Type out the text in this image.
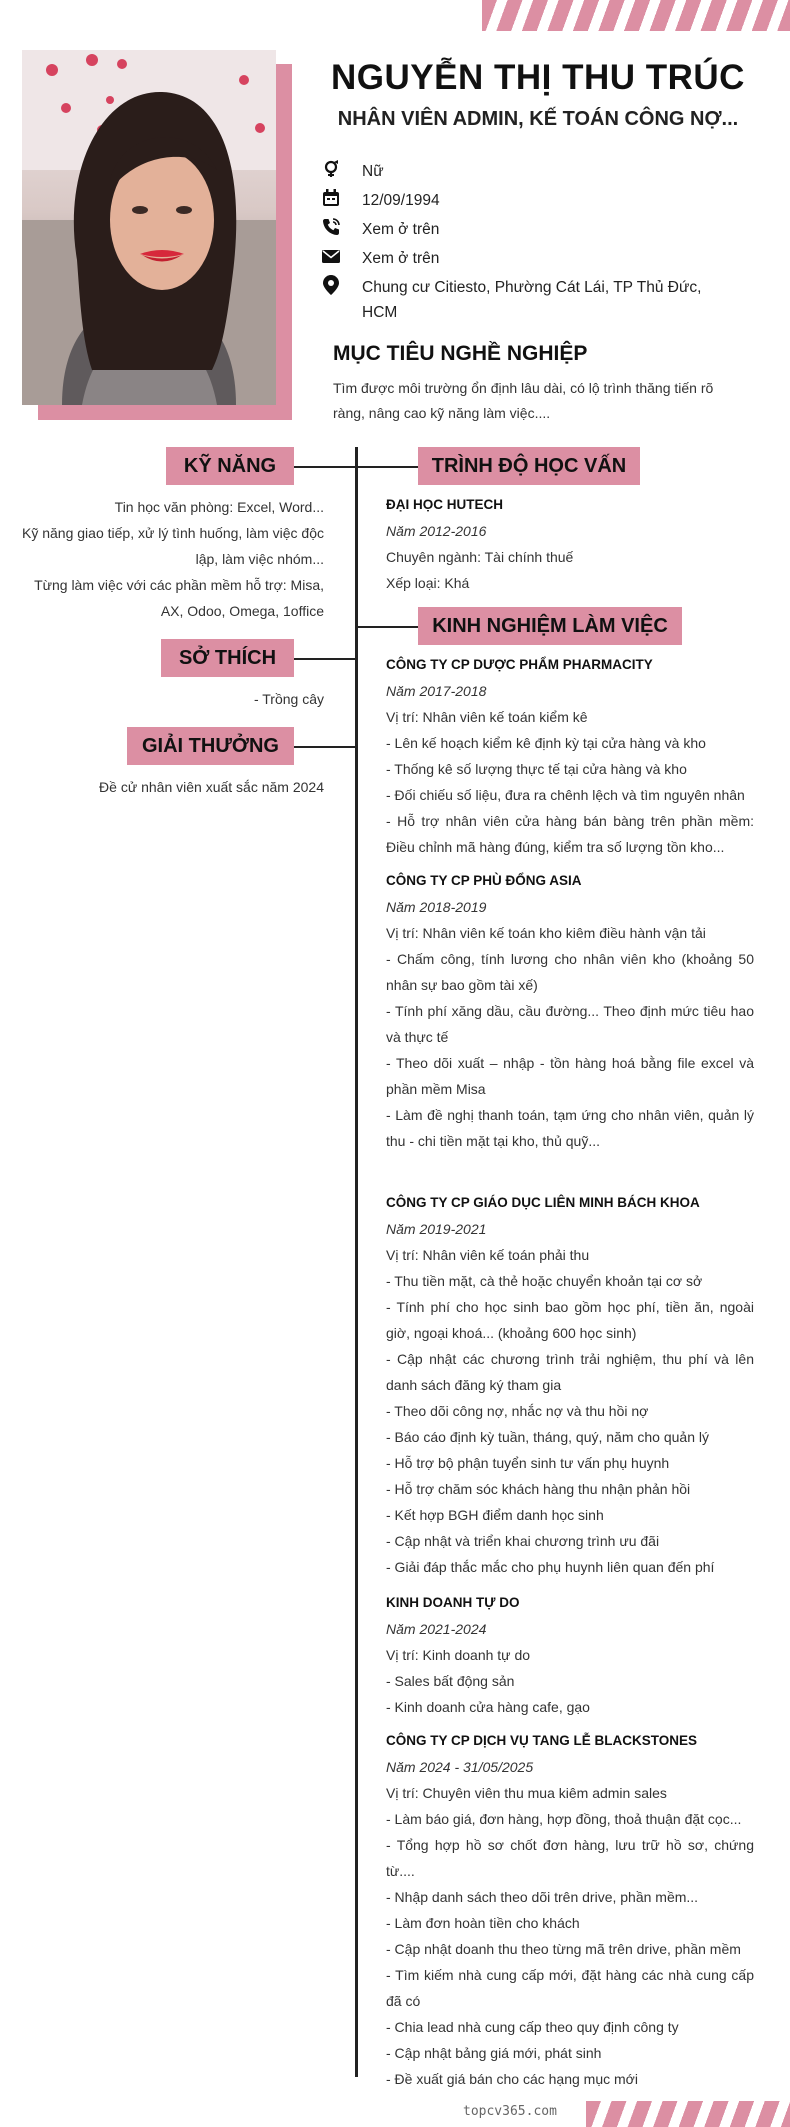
NGUYỄN THỊ THU TRÚC
NHÂN VIÊN ADMIN, KẾ TOÁN CÔNG NỢ...
Nữ
12/09/1994
Xem ở trên
Xem ở trên
Chung cư Citiesto, Phường Cát Lái, TP Thủ Đức, HCM
MỤC TIÊU NGHỀ NGHIỆP
Tìm được môi trường ổn định lâu dài, có lộ trình thăng tiến rõ ràng, nâng cao kỹ năng làm việc....
KỸ NĂNG
Tin học văn phòng: Excel, Word...
Kỹ năng giao tiếp, xử lý tình huống, làm việc độc lập, làm việc nhóm...
Từng làm việc với các phần mềm hỗ trợ: Misa, AX, Odoo, Omega, 1office
SỞ THÍCH
- Trồng cây
GIẢI THƯỞNG
Đề cử nhân viên xuất sắc năm 2024
TRÌNH ĐỘ HỌC VẤN
ĐẠI HỌC HUTECH
Năm 2012-2016
Chuyên ngành: Tài chính thuế
Xếp loại: Khá
KINH NGHIỆM LÀM VIỆC
CÔNG TY CP DƯỢC PHẨM PHARMACITY
Năm 2017-2018
Vị trí: Nhân viên kế toán kiểm kê
- Lên kế hoạch kiểm kê định kỳ tại cửa hàng và kho
- Thống kê số lượng thực tế tại cửa hàng và kho
- Đối chiếu số liệu, đưa ra chênh lệch và tìm nguyên nhân
- Hỗ trợ nhân viên cửa hàng bán bàng trên phần mềm: Điều chỉnh mã hàng đúng, kiểm tra số lượng tồn kho...
CÔNG TY CP PHÙ ĐỔNG ASIA
Năm 2018-2019
Vị trí: Nhân viên kế toán kho kiêm điều hành vận tải
- Chấm công, tính lương cho nhân viên kho (khoảng 50 nhân sự bao gồm tài xế)
- Tính phí xăng dầu, cầu đường... Theo định mức tiêu hao và thực tế
- Theo dõi xuất – nhập - tồn hàng hoá bằng file excel và phần mềm Misa
- Làm đề nghị thanh toán, tạm ứng cho nhân viên, quản lý thu - chi tiền mặt tại kho, thủ quỹ...
CÔNG TY CP GIÁO DỤC LIÊN MINH BÁCH KHOA
Năm 2019-2021
Vị trí: Nhân viên kế toán phải thu
- Thu tiền mặt, cà thẻ hoặc chuyển khoản tại cơ sở
- Tính phí cho học sinh bao gồm học phí, tiền ăn, ngoài giờ, ngoại khoá... (khoảng 600 học sinh)
- Cập nhật các chương trình trải nghiệm, thu phí và lên danh sách đăng ký tham gia
- Theo dõi công nợ, nhắc nợ và thu hồi nợ
- Báo cáo định kỳ tuần, tháng, quý, năm cho quản lý
- Hỗ trợ bộ phận tuyển sinh tư vấn phụ huynh
- Hỗ trợ chăm sóc khách hàng thu nhận phản hồi
- Kết hợp BGH điểm danh học sinh
- Cập nhật và triển khai chương trình ưu đãi
- Giải đáp thắc mắc cho phụ huynh liên quan đến phí
KINH DOANH TỰ DO
Năm 2021-2024
Vị trí: Kinh doanh tự do
- Sales bất động sản
- Kinh doanh cửa hàng cafe, gạo
CÔNG TY CP DỊCH VỤ TANG LỄ BLACKSTONES
Năm 2024 - 31/05/2025
Vị trí: Chuyên viên thu mua kiêm admin sales
- Làm báo giá, đơn hàng, hợp đồng, thoả thuận đặt cọc...
- Tổng hợp hồ sơ chốt đơn hàng, lưu trữ hồ sơ, chứng từ....
- Nhập danh sách theo dõi trên drive, phần mềm...
- Làm đơn hoàn tiền cho khách
- Cập nhật doanh thu theo từng mã trên drive, phần mềm
- Tìm kiếm nhà cung cấp mới, đặt hàng các nhà cung cấp đã có
- Chia lead nhà cung cấp theo quy định công ty
- Cập nhật bảng giá mới, phát sinh
- Đề xuất giá bán cho các hạng mục mới
topcv365.com
